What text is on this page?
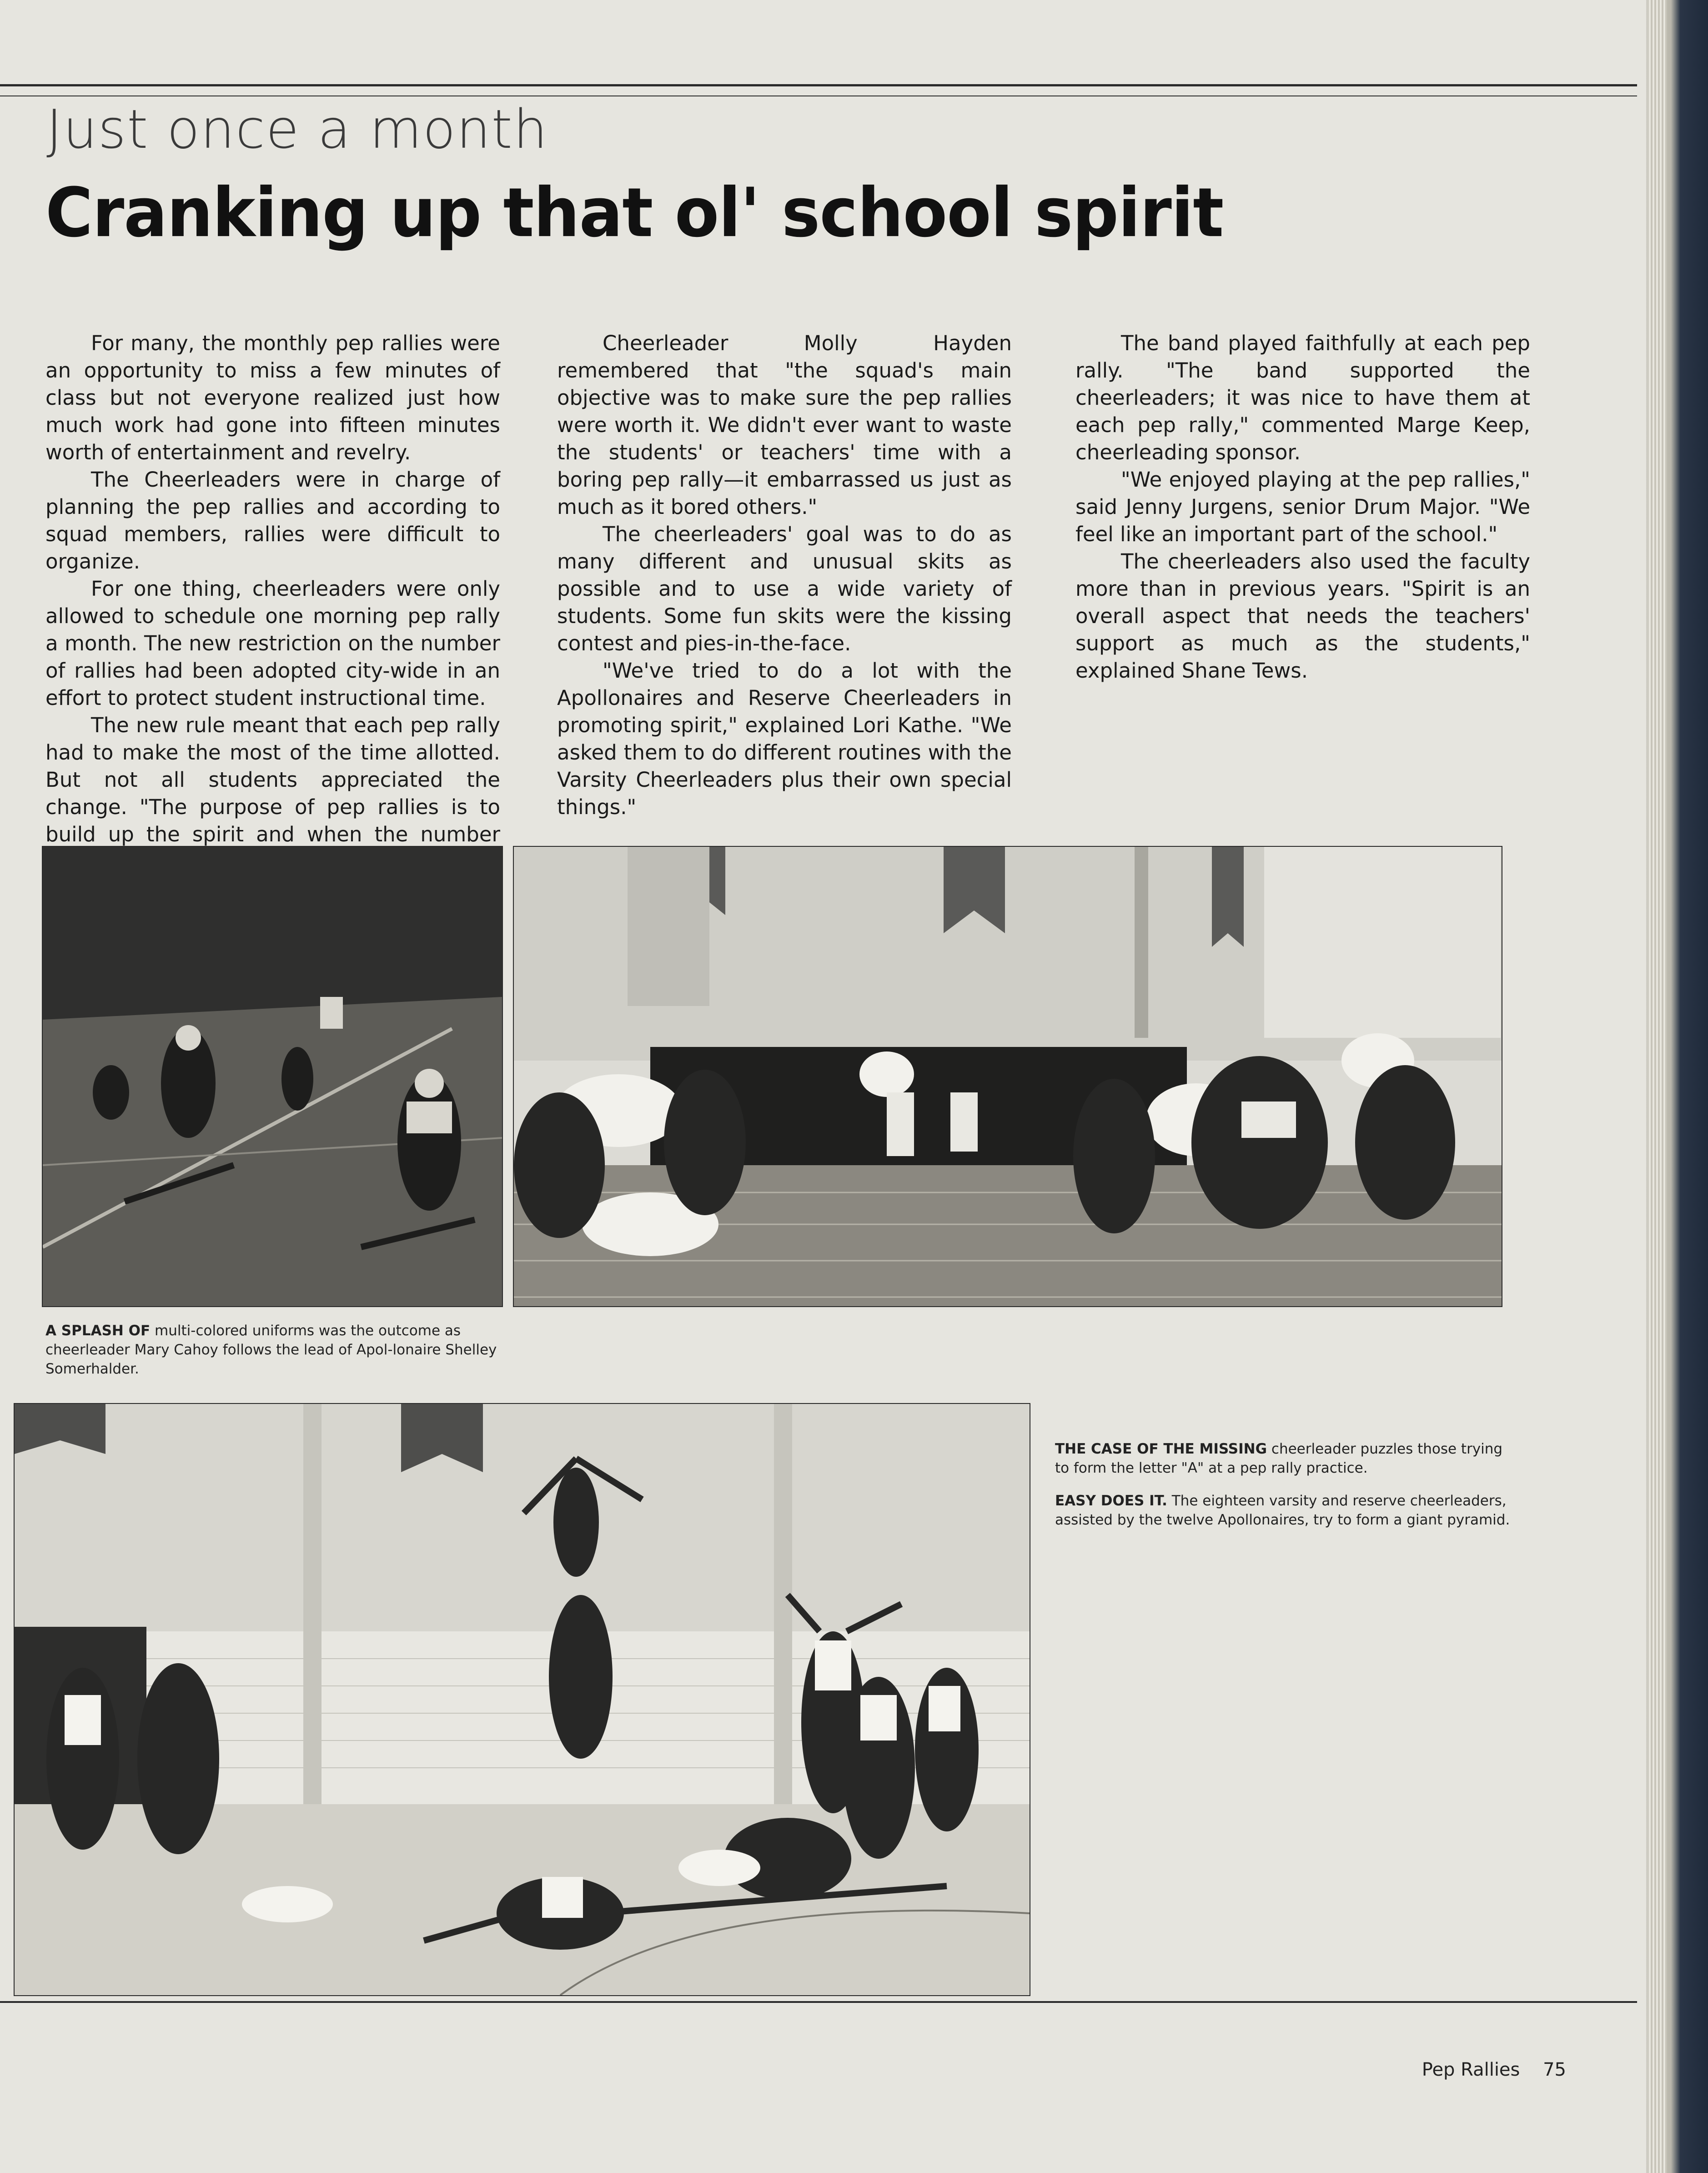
Just once a month
Cranking up that ol' school spirit

For many, the monthly pep rallies were an opportunity to miss a few minutes of class but not everyone realized just how much work had gone into fifteen minutes worth of entertainment and revelry.

The Cheerleaders were in charge of planning the pep rallies and according to squad members, rallies were difficult to organize.

For one thing, cheerleaders were only allowed to schedule one morning pep rally a month. The new restriction on the number of rallies had been adopted city-wide in an effort to protect student instructional time.

The new rule meant that each pep rally had to make the most of the time allotted. But not all students appreciated the change. "The purpose of pep rallies is to build up the spirit and when the number

Cheerleader Molly Hayden remembered that "the squad's main objective was to make sure the pep rallies were worth it. We didn't ever want to waste the students' or teachers' time with a boring pep rally—it embarrassed us just as much as it bored others."

The cheerleaders' goal was to do as many different and unusual skits as possible and to use a wide variety of students. Some fun skits were the kissing contest and pies-in-the-face.

"We've tried to do a lot with the Apollonaires and Reserve Cheerleaders in promoting spirit," explained Lori Kathe. "We asked them to do different routines with the Varsity Cheerleaders plus their own special things."

The band played faithfully at each pep rally. "The band supported the cheerleaders; it was nice to have them at each pep rally," commented Marge Keep, cheerleading sponsor.

"We enjoyed playing at the pep rallies," said Jenny Jurgens, senior Drum Major. "We feel like an important part of the school."

The cheerleaders also used the faculty more than in previous years. "Spirit is an overall aspect that needs the teachers' support as much as the students," explained Shane Tews.

A SPLASH OF multi-colored uniforms was the outcome as cheerleader Mary Cahoy follows the lead of Apol-lonaire Shelley Somerhalder.

THE CASE OF THE MISSING cheerleader puzzles those trying to form the letter "A" at a pep rally practice.

EASY DOES IT. The eighteen varsity and reserve cheerleaders, assisted by the twelve Apollonaires, try to form a giant pyramid.

Pep Rallies 75
